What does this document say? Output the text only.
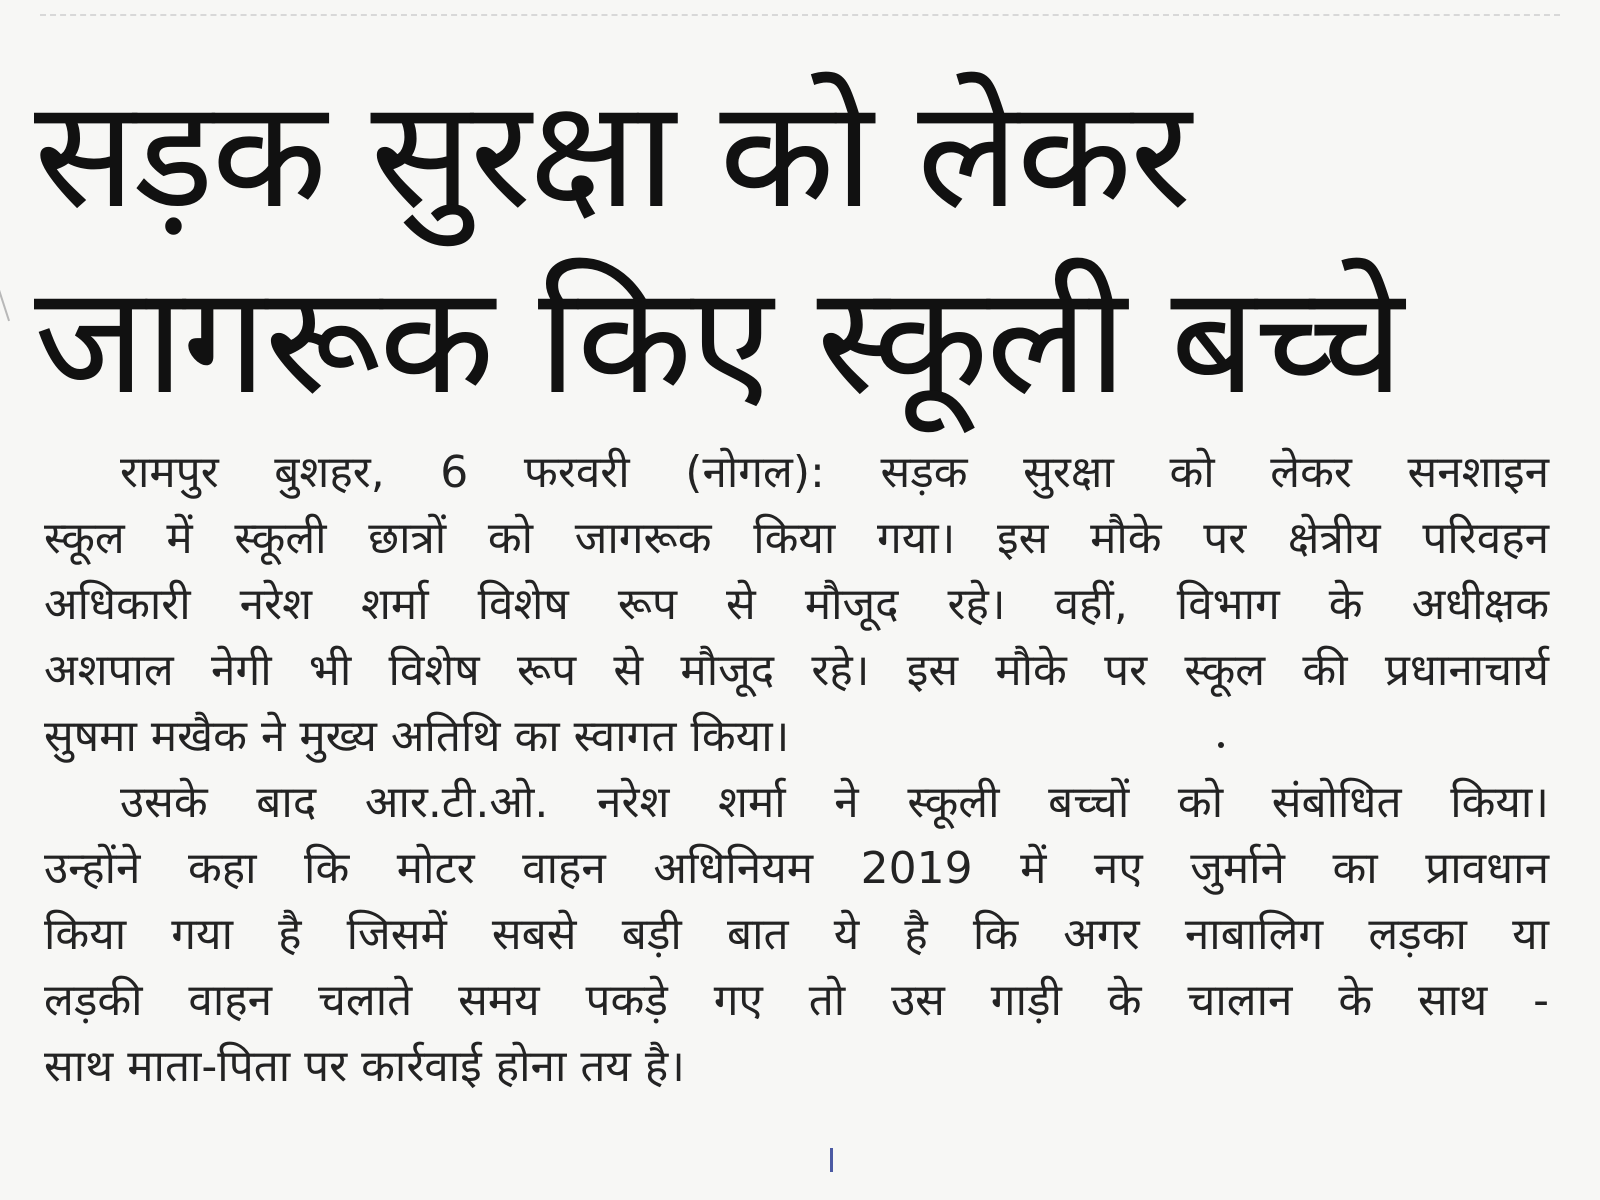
सड़क सुरक्षा को लेकर
जागरूक किए स्कूली बच्चे

रामपुर बुशहर, 6 फरवरी (नोगल): सड़क सुरक्षा को लेकर सनशाइन
स्कूल में स्कूली छात्रों को जागरूक किया गया। इस मौके पर क्षेत्रीय परिवहन
अधिकारी नरेश शर्मा विशेष रूप से मौजूद रहे। वहीं, विभाग के अधीक्षक
अशपाल नेगी भी विशेष रूप से मौजूद रहे। इस मौके पर स्कूल की प्रधानाचार्य
सुषमा मखैक ने मुख्य अतिथि का स्वागत किया।

उसके बाद आर.टी.ओ. नरेश शर्मा ने स्कूली बच्चों को संबोधित किया।
उन्होंने कहा कि मोटर वाहन अधिनियम 2019 में नए जुर्माने का प्रावधान
किया गया है जिसमें सबसे बड़ी बात ये है कि अगर नाबालिग लड़का या
लड़की वाहन चलाते समय पकड़े गए तो उस गाड़ी के चालान के साथ -
साथ माता-पिता पर कार्रवाई होना तय है।
